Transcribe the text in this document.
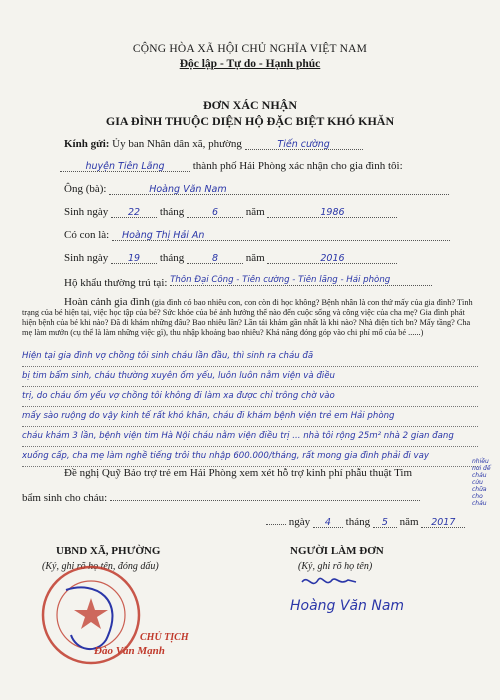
CỘNG HÒA XÃ HỘI CHỦ NGHĨA VIỆT NAM
Độc lập - Tự do - Hạnh phúc
ĐƠN XÁC NHẬN
GIA ĐÌNH THUỘC DIỆN HỘ ĐẶC BIỆT KHÓ KHĂN
Kính gửi: Ủy ban Nhân dân xã, phường	Tiến cường
huyện Tiên Lãng	thành phố Hải Phòng xác nhận cho gia đình tôi:
Ông (bà):	Hoàng Văn Nam
Sinh ngày 22 tháng	6	năm	1986
Có con là: Hoàng Thị Hải An
Sinh ngày 19 tháng	8	năm	2016
Hộ khẩu thường trú tại: Thôn Đại Công - Tiến cường - Tiên lãng - Hải phòng
Hoàn cảnh gia đình (gia đình có bao nhiêu con, con còn đi học không? Bệnh nhân là con thứ mấy của gia đình? Tình trạng của bé hiện tại, việc học tập của bé? Sức khỏe của bé ảnh hưởng thế nào đến cuộc sống và công việc của cha mẹ? Gia đình phát hiện bệnh của bé khi nào? Đã đi khám những đâu? Bao nhiêu lần? Lần tái khám gần nhất là khi nào? Nhà điện tích bn? Mấy tầng? Cha mẹ làm mướn (cụ thể là làm những việc gì), thu nhập khoảng bao nhiêu? Khả năng đóng góp vào chi phí mổ của bé ......)
Hiện tại gia đình vợ chồng tôi sinh cháu lần đầu, thì sinh ra cháu đã
bị tim bẩm sinh, cháu thường xuyên ốm yếu, luôn luôn nằm viện và điều
trị, do cháu ốm yếu vợ chồng tôi không đi làm xa được chỉ trông chờ vào
mấy sào ruộng do vậy kinh tế rất khó khăn, cháu đi khám bệnh viện trẻ em Hải phòng
cháu khám 3 lần, bệnh viện tim Hà Nội cháu nằm viện điều trị ... nhà tôi rộng 25m² nhà 2 gian đang
xuống cấp, cha mẹ làm nghề tiếng trôi thu nhập 600.000/tháng, rất mong gia đình phải đi vay
nhiều nơi để cháu cứu chữa cho cháu
Đề nghị Quỹ Bảo trợ trẻ em Hải Phòng xem xét hỗ trợ kinh phí phẫu thuật Tim
bẩm sinh cho cháu:
ngày 4 tháng 5 năm 2017
UBND XÃ, PHƯỜNG
(Ký, ghi rõ họ tên, đóng dấu)
NGƯỜI LÀM ĐƠN
(Ký, ghi rõ họ tên)
CHỦ TỊCH
Đào Văn Mạnh
Hoàng Văn Nam
